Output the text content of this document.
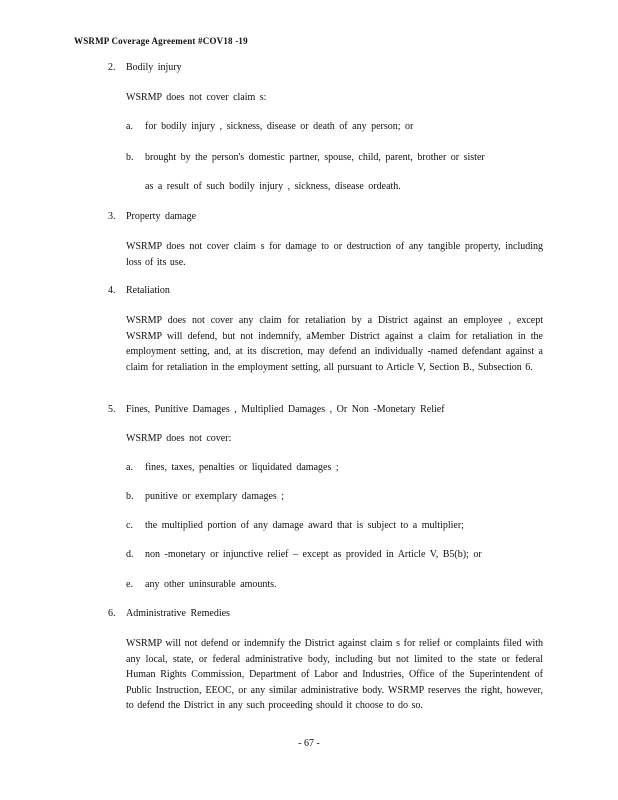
WSRMP Coverage Agreement #COV18 -19
2. Bodily injury
WSRMP does not cover claim s:
a. for bodily injury , sickness, disease or death of any person; or
b. brought by the person's domestic partner, spouse, child, parent, brother or sister
as a result of such bodily injury , sickness, disease ordeath.
3. Property damage
WSRMP does not cover claim s for damage to or destruction of any tangible property, including loss of its use.
4. Retaliation
WSRMP does not cover any claim for retaliation by a District against an employee , except WSRMP will defend, but not indemnify, aMember District against a claim for retaliation in the employment setting, and, at its discretion, may defend an individually -named defendant against a claim for retaliation in the employment setting, all pursuant to Article V, Section B., Subsection 6.
5. Fines, Punitive Damages , Multiplied Damages , Or Non -Monetary Relief
WSRMP does not cover:
a. fines, taxes, penalties or liquidated damages ;
b. punitive or exemplary damages ;
c. the multiplied portion of any damage award that is subject to a multiplier;
d. non -monetary or injunctive relief – except as provided in Article V, B5(b); or
e. any other uninsurable amounts.
6. Administrative Remedies
WSRMP will not defend or indemnify the District against claim s for relief or complaints filed with any local, state, or federal administrative body, including but not limited to the state or federal Human Rights Commission, Department of Labor and Industries, Office of the Superintendent of Public Instruction, EEOC, or any similar administrative body. WSRMP reserves the right, however, to defend the District in any such proceeding should it choose to do so.
- 67 -
